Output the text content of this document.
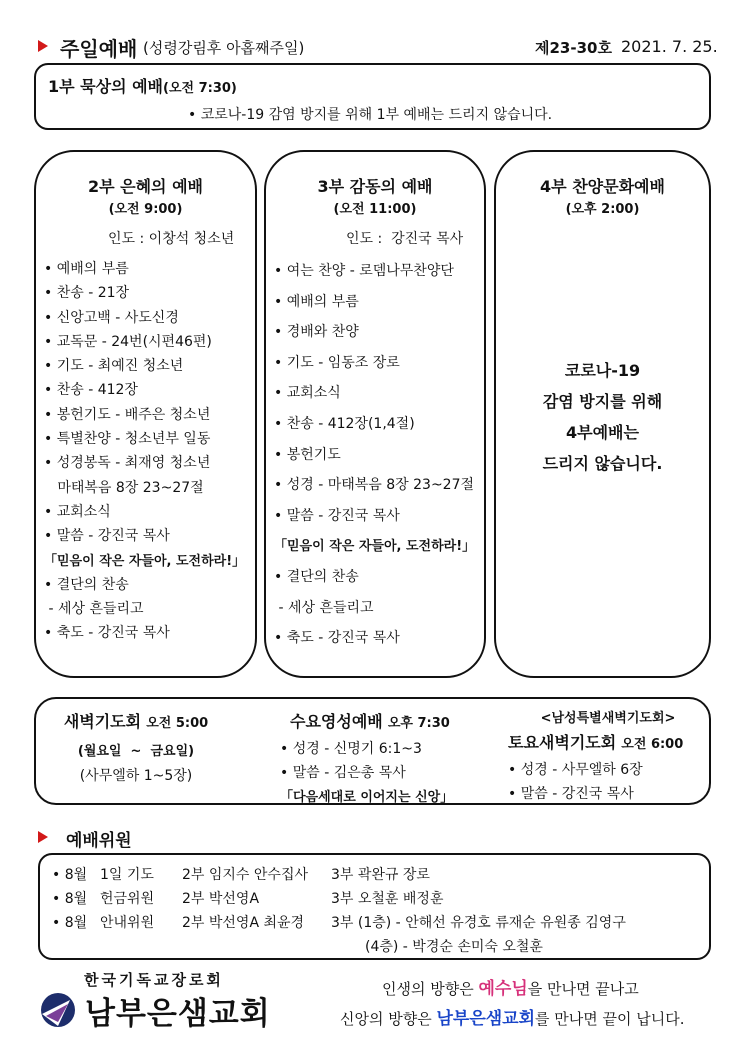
주일예배 (성령강림후 아홉째주일)	제23-30호 2021. 7. 25.
1부 묵상의 예배(오전 7:30)
• 코로나-19 감염 방지를 위해 1부 예배는 드리지 않습니다.
2부 은혜의 예배
(오전 9:00)
인도 : 이창석 청소년
• 예배의 부름
• 찬송 - 21장
• 신앙고백 - 사도신경
• 교독문 - 24번(시편46편)
• 기도 - 최예진 청소년
• 찬송 - 412장
• 봉헌기도 - 배주은 청소년
• 특별찬양 - 청소년부 일동
• 성경봉독 - 최재영 청소년
마태복음 8장 23~27절
• 교회소식
• 말씀 - 강진국 목사
「믿음이 작은 자들아, 도전하라!」
• 결단의 찬송
- 세상 흔들리고
• 축도 - 강진국 목사
3부 감동의 예배
(오전 11:00)
인도 :  강진국 목사
• 여는 찬양 - 로뎀나무찬양단
• 예배의 부름
• 경배와 찬양
• 기도 - 임동조 장로
• 교회소식
• 찬송 - 412장(1,4절)
• 봉헌기도
• 성경 - 마태복음 8장 23~27절
• 말씀 - 강진국 목사
「믿음이 작은 자들아, 도전하라!」
• 결단의 찬송
- 세상 흔들리고
• 축도 - 강진국 목사
4부 찬양문화예배
(오후 2:00)
코로나-19
감염 방지를 위해
4부예배는
드리지 않습니다.
새벽기도회 오전 5:00
(월요일  ~  금요일)
(사무엘하 1~5장)
수요영성예배 오후 7:30
• 성경 - 신명기 6:1~3
• 말씀 - 김은총 목사
「다음세대로 이어지는 신앙」
<남성특별새벽기도회>
토요새벽기도회 오전 6:00
• 성경 - 사무엘하 6장
• 말씀 - 강진국 목사
예배위원
• 8월 1일 기도 2부 임지수 안수집사 3부 곽완규 장로
• 8월 헌금위원 2부 박선영A	3부 오철훈 배정훈
• 8월 안내위원 2부 박선영A 최윤경 3부 (1층) - 안해선 유경호 류재순 유원종 김영구
(4층) - 박경순 손미숙 오철훈
한국기독교장로회
남부은샘교회
인생의 방향은 예수님을 만나면 끝나고
신앙의 방향은 남부은샘교회를 만나면 끝이 납니다.
